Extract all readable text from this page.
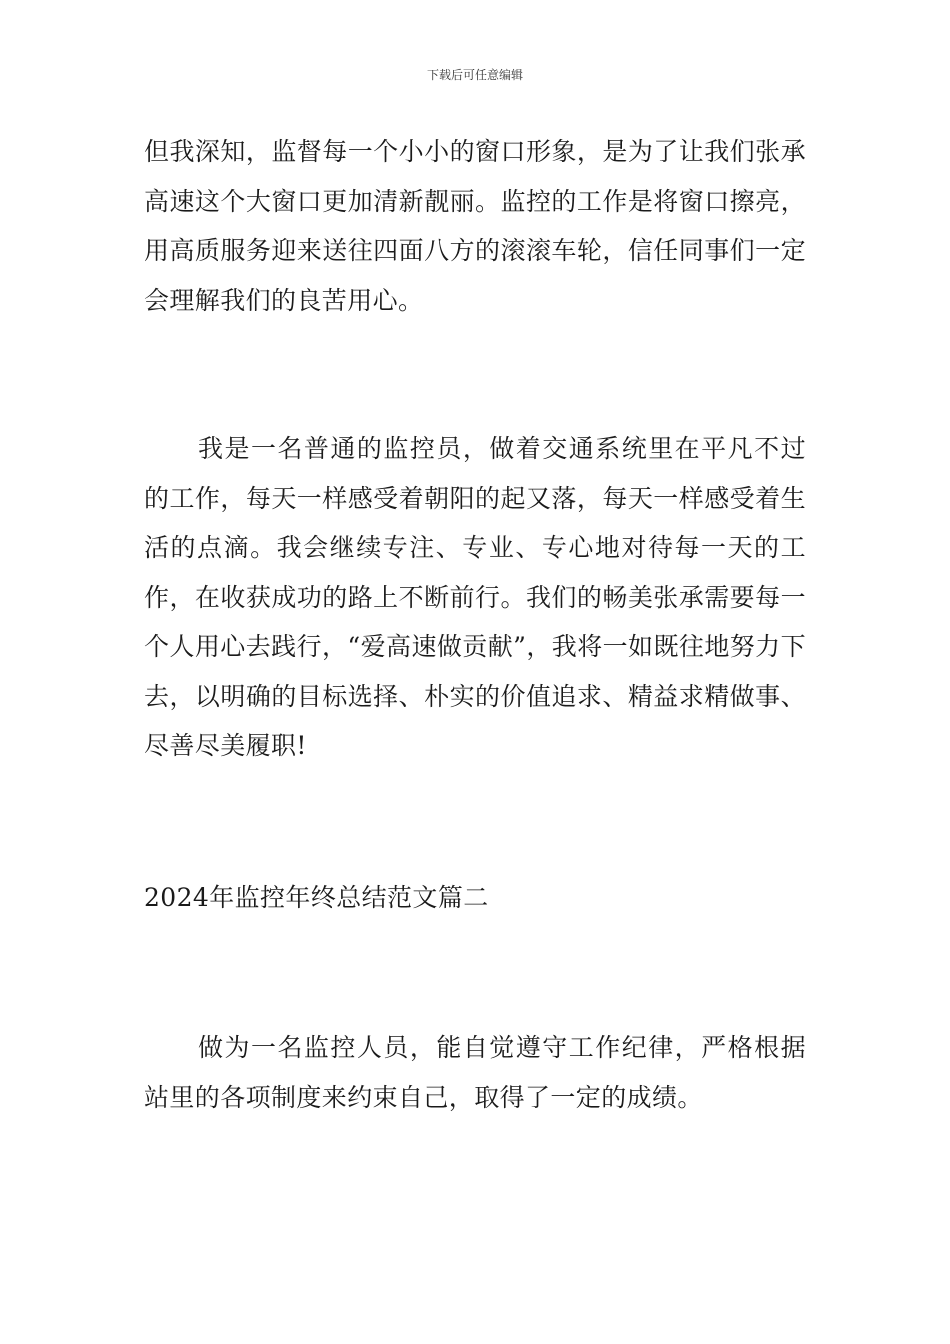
下载后可任意编辑

但我深知，监督每一个小小的窗口形象，是为了让我们张承高速这个大窗口更加清新靓丽。监控的工作是将窗口擦亮，用高质服务迎来送往四面八方的滚滚车轮，信任同事们一定会理解我们的良苦用心。

我是一名普通的监控员，做着交通系统里在平凡不过的工作，每天一样感受着朝阳的起又落，每天一样感受着生活的点滴。我会继续专注、专业、专心地对待每一天的工作，在收获成功的路上不断前行。我们的畅美张承需要每一个人用心去践行，“爱高速做贡献”，我将一如既往地努力下去，以明确的目标选择、朴实的价值追求、精益求精做事、尽善尽美履职!

2024年监控年终总结范文篇二

做为一名监控人员，能自觉遵守工作纪律，严格根据站里的各项制度来约束自己，取得了一定的成绩。
